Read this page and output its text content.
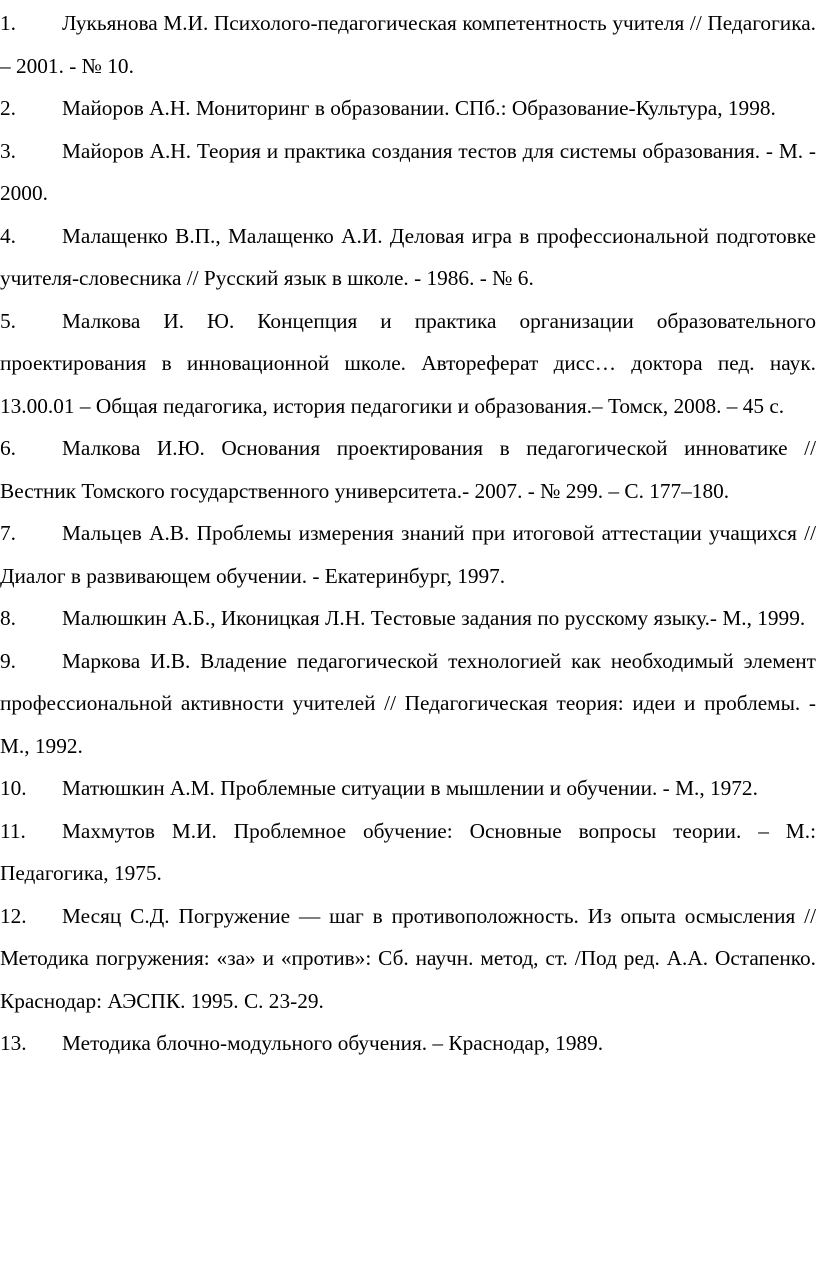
1. Лукьянова М.И. Психолого-педагогическая компетентность учителя // Педагогика. – 2001. - № 10.

2. Майоров А.Н. Мониторинг в образовании. СПб.: Образование-Культура, 1998.

3. Майоров А.Н. Теория и практика создания тестов для системы образования. - М. - 2000.

4. Малащенко В.П., Малащенко А.И. Деловая игра в профессиональной подготовке учителя-словесника // Русский язык в школе. - 1986. - № 6.

5. Малкова И. Ю. Концепция и практика организации образовательного проектирования в инновационной школе. Автореферат дисс… доктора пед. наук. 13.00.01 – Общая педагогика, история педагогики и образования.– Томск, 2008. – 45 с.

6. Малкова И.Ю. Основания проектирования в педагогической инноватике // Вестник Томского государственного университета.- 2007. - № 299. – С. 177–180.

7. Мальцев А.В. Проблемы измерения знаний при итоговой аттестации учащихся // Диалог в развивающем обучении. - Екатеринбург, 1997.

8. Малюшкин А.Б., Иконицкая Л.Н. Тестовые задания по русскому языку.- М., 1999.

9. Маркова И.В. Владение педагогической технологией как необходимый элемент профессиональной активности учителей // Педагогическая теория: идеи и проблемы. - М., 1992.

10. Матюшкин А.М. Проблемные ситуации в мышлении и обучении. - М., 1972.

11. Махмутов М.И. Проблемное обучение: Основные вопросы теории. – М.: Педагогика, 1975.

12. Месяц С.Д. Погружение — шаг в противоположность. Из опыта осмысления // Методика погружения: «за» и «против»: Сб. научн. метод, ст. /Под ред. А.А. Остапенко. Краснодар: АЭСПК. 1995. С. 23-29.

13. Методика блочно-модульного обучения. – Краснодар, 1989.
